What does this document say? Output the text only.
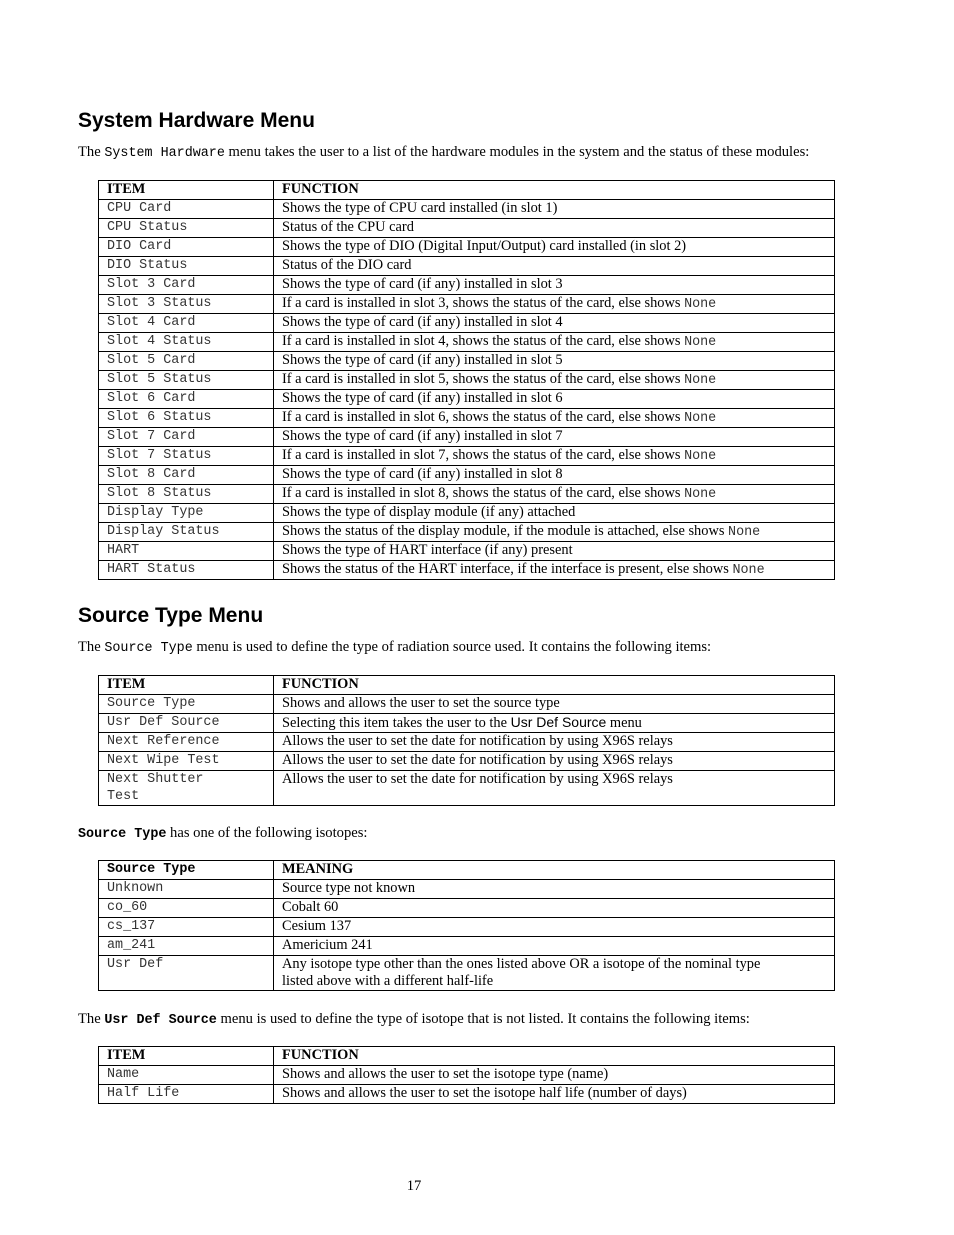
System Hardware Menu

The System Hardware menu takes the user to a list of the hardware modules in the system and the status of these modules:

ITEM	FUNCTION
CPU Card	Shows the type of CPU card installed (in slot 1)
CPU Status	Status of the CPU card
DIO Card	Shows the type of DIO (Digital Input/Output) card installed (in slot 2)
DIO Status	Status of the DIO card
Slot 3 Card	Shows the type of card (if any) installed in slot 3
Slot 3 Status	If a card is installed in slot 3, shows the status of the card, else shows None
Slot 4 Card	Shows the type of card (if any) installed in slot 4
Slot 4 Status	If a card is installed in slot 4, shows the status of the card, else shows None
Slot 5 Card	Shows the type of card (if any) installed in slot 5
Slot 5 Status	If a card is installed in slot 5, shows the status of the card, else shows None
Slot 6 Card	Shows the type of card (if any) installed in slot 6
Slot 6 Status	If a card is installed in slot 6, shows the status of the card, else shows None
Slot 7 Card	Shows the type of card (if any) installed in slot 7
Slot 7 Status	If a card is installed in slot 7, shows the status of the card, else shows None
Slot 8 Card	Shows the type of card (if any) installed in slot 8
Slot 8 Status	If a card is installed in slot 8, shows the status of the card, else shows None
Display Type	Shows the type of display module (if any) attached
Display Status	Shows the status of the display module, if the module is attached, else shows None
HART	Shows the type of HART interface (if any) present
HART Status	Shows the status of the HART interface, if the interface is present, else shows None
Source Type Menu

The Source Type menu is used to define the type of radiation source used. It contains the following items:

ITEM	FUNCTION
Source Type	Shows and allows the user to set the source type
Usr Def Source	Selecting this item takes the user to the Usr Def Source menu
Next Reference	Allows the user to set the date for notification by using X96S relays
Next Wipe Test	Allows the user to set the date for notification by using X96S relays
Next Shutter
Test	Allows the user to set the date for notification by using X96S relays

Source Type has one of the following isotopes:

Source Type	MEANING
Unknown	Source type not known
co_60	Cobalt 60
cs_137	Cesium 137
am_241	Americium 241
Usr Def	Any isotope type other than the ones listed above OR a isotope of the nominal type
listed above with a different half-life

The Usr Def Source menu is used to define the type of isotope that is not listed. It contains the following items:

ITEM	FUNCTION
Name	Shows and allows the user to set the isotope type (name)
Half Life	Shows and allows the user to set the isotope half life (number of days)
17
